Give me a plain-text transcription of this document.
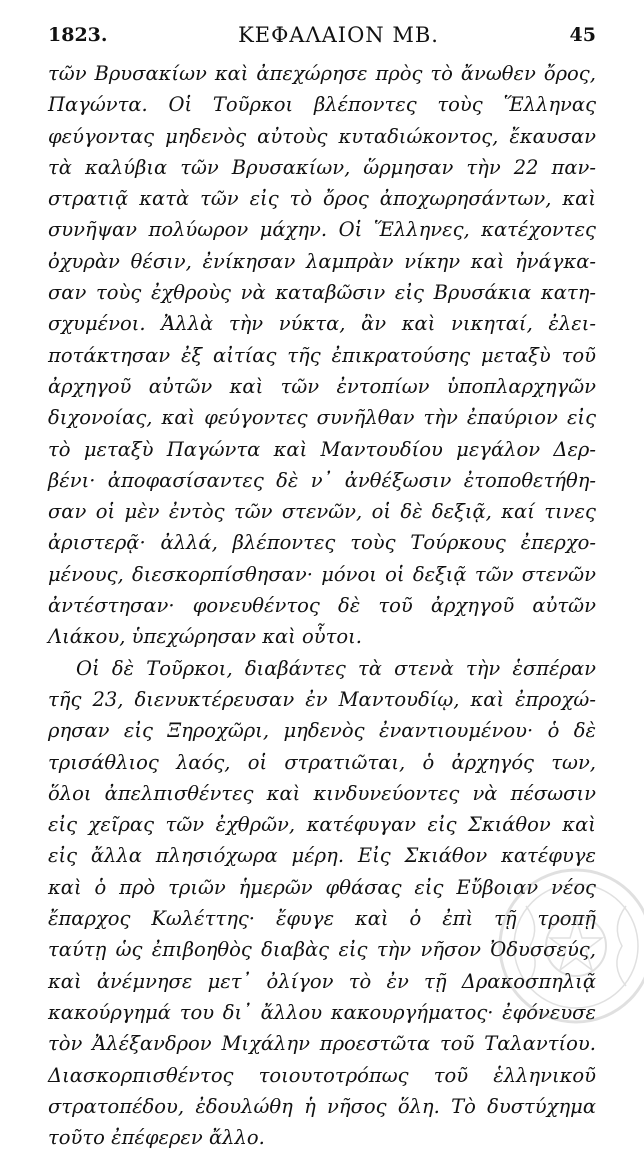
1823.	ΚΕΦΑΛΑΙΟΝ ΜΒ.	45
τῶν Βρυσακίων καὶ ἀπεχώρησε πρὸς τὸ ἄνωθεν ὄρος,
Παγώντα. Οἱ Τοῦρκοι βλέποντες τοὺς Ἕλληνας
φεύγοντας μηδενὸς αὐτοὺς κυταδιώκοντος, ἔκαυσαν
τὰ καλύβια τῶν Βρυσακίων, ὥρμησαν τὴν 22 παν-
στρατιᾷ κατὰ τῶν εἰς τὸ ὄρος ἀποχωρησάντων, καὶ
συνῆψαν πολύωρον μάχην. Οἱ Ἕλληνες, κατέχοντες
ὀχυρὰν θέσιν, ἐνίκησαν λαμπρὰν νίκην καὶ ἠνάγκα-
σαν τοὺς ἐχθροὺς νὰ καταβῶσιν εἰς Βρυσάκια κατη-
σχυμένοι. Ἀλλὰ τὴν νύκτα, ἂν καὶ νικηταί, ἐλει-
ποτάκτησαν ἐξ αἰτίας τῆς ἐπικρατούσης μεταξὺ τοῦ
ἀρχηγοῦ αὐτῶν καὶ τῶν ἐντοπίων ὑποπλαρχηγῶν
διχονοίας, καὶ φεύγοντες συνῆλθαν τὴν ἐπαύριον εἰς
τὸ μεταξὺ Παγώντα καὶ Μαντουδίου μεγάλον Δερ-
βένι· ἀποφασίσαντες δὲ ν᾽ ἀνθέξωσιν ἐτοποθετήθη-
σαν οἱ μὲν ἐντὸς τῶν στενῶν, οἱ δὲ δεξιᾷ, καί τινες
ἀριστερᾷ· ἀλλά, βλέποντες τοὺς Τούρκους ἐπερχο-
μένους, διεσκορπίσθησαν· μόνοι οἱ δεξιᾷ τῶν στενῶν
ἀντέστησαν· φονευθέντος δὲ τοῦ ἀρχηγοῦ αὐτῶν
Λιάκου, ὑπεχώρησαν καὶ οὗτοι.
Οἱ δὲ Τοῦρκοι, διαβάντες τὰ στενὰ τὴν ἑσπέραν
τῆς 23, διενυκτέρευσαν ἐν Μαντουδίῳ, καὶ ἐπροχώ-
ρησαν εἰς Ξηροχῶρι, μηδενὸς ἐναντιουμένου· ὁ δὲ
τρισάθλιος λαός, οἱ στρατιῶται, ὁ ἀρχηγός των,
ὅλοι ἀπελπισθέντες καὶ κινδυνεύοντες νὰ πέσωσιν
εἰς χεῖρας τῶν ἐχθρῶν, κατέφυγαν εἰς Σκιάθον καὶ
εἰς ἄλλα πλησιόχωρα μέρη. Εἰς Σκιάθον κατέφυγε
καὶ ὁ πρὸ τριῶν ἡμερῶν φθάσας εἰς Εὔβοιαν νέος
ἔπαρχος Κωλέττης· ἔφυγε καὶ ὁ ἐπὶ τῇ τροπῇ
ταύτῃ ὡς ἐπιβοηθὸς διαβὰς εἰς τὴν νῆσον Ὀδυσσεύς,
καὶ ἀνέμνησε μετ᾽ ὀλίγον τὸ ἐν τῇ Δρακοσπηλιᾷ
κακούργημά του δι᾽ ἄλλου κακουργήματος· ἐφόνευσε
τὸν Ἀλέξανδρον Μιχάλην προεστῶτα τοῦ Ταλαντίου.
Διασκορπισθέντος τοιουτοτρόπως τοῦ ἑλληνικοῦ
στρατοπέδου, ἐδουλώθη ἡ νῆσος ὅλη. Τὸ δυστύχημα
τοῦτο ἐπέφερεν ἄλλο.
